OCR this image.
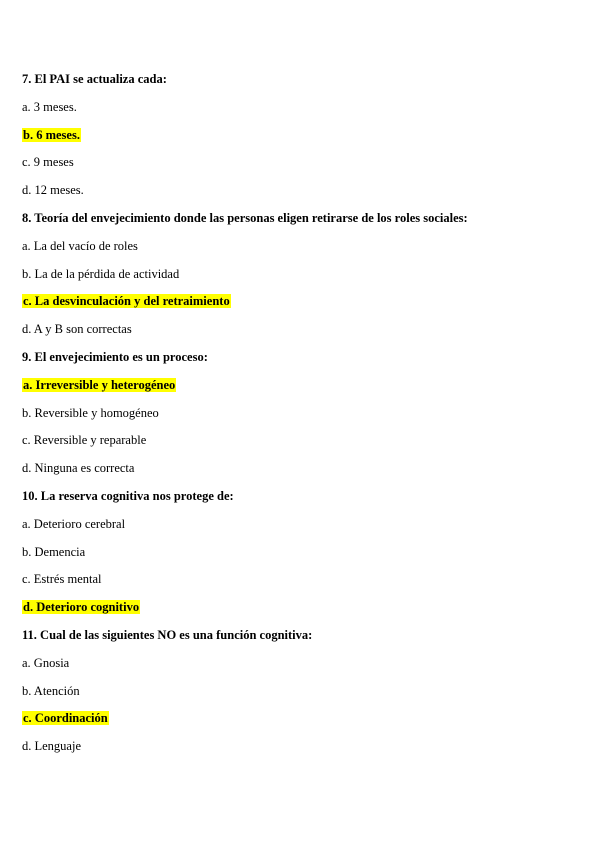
7. El PAI se actualiza cada:
a. 3 meses.
b. 6 meses.
c. 9 meses
d. 12 meses.
8. Teoría del envejecimiento donde las personas eligen retirarse de los roles sociales:
a. La del vacío de roles
b. La de la pérdida de actividad
c. La desvinculación y del retraimiento
d. A y B son correctas
9. El envejecimiento es un proceso:
a. Irreversible y heterogéneo
b. Reversible y homogéneo
c. Reversible y reparable
d. Ninguna es correcta
10. La reserva cognitiva nos protege de:
a. Deterioro cerebral
b. Demencia
c. Estrés mental
d. Deterioro cognitivo
11. Cual de las siguientes NO es una función cognitiva:
a. Gnosia
b. Atención
c. Coordinación
d. Lenguaje
